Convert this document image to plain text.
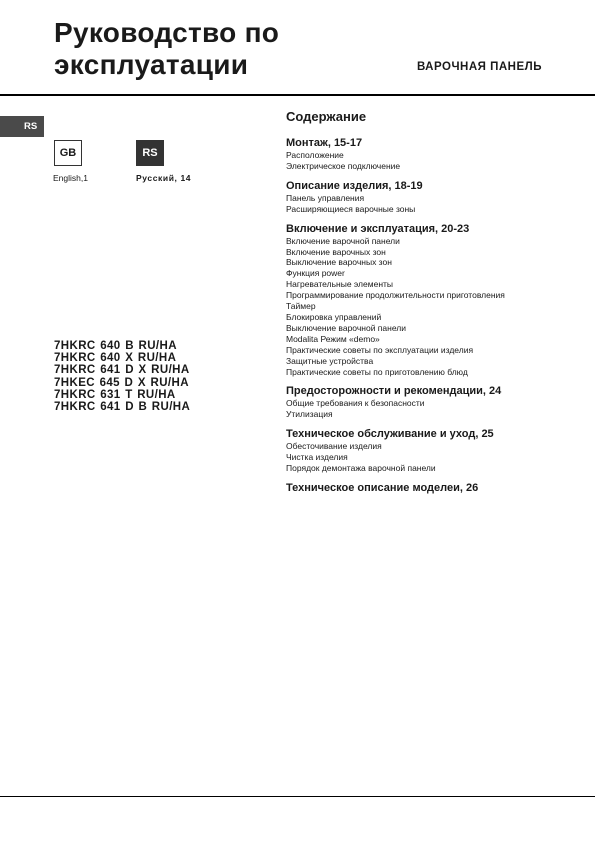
Руководство по
эксплуатации	ВАРОЧНАЯ ПАНЕЛЬ
RS
GB
English,1
RS
Русский, 14
7HKRC 640 B RU/HA
7HKRC 640 X RU/HA
7HKRC 641 D X RU/HA
7HKEC 645 D X RU/HA
7HKRC 631 T RU/HA
7HKRC 641 D B RU/HA
Содержание
Монтаж, 15-17
Расположение
Электрическое подключение
Описание изделия, 18-19
Панель управления
Расширяющиеся варочные зоны
Включение и эксплуатация, 20-23
Включение варочной панели
Включение варочных зон
Выключение варочных зон
Функция power
Нагревательные элементы
Программирование продолжительности приготовления
Таймер
Блокировка управлений
Выключение варочной панели
Modalita Режим «demo»
Практические советы по эксплуатации изделия
Защитные устройства
Практические советы по приготовлению блюд
Предосторожности и рекомендации, 24
Общие требования к безопасности
Утилизация
Техническое обслуживание и уход, 25
Обесточивание изделия
Чистка изделия
Порядок демонтажа варочной панели
Техническое описание моделеи, 26
